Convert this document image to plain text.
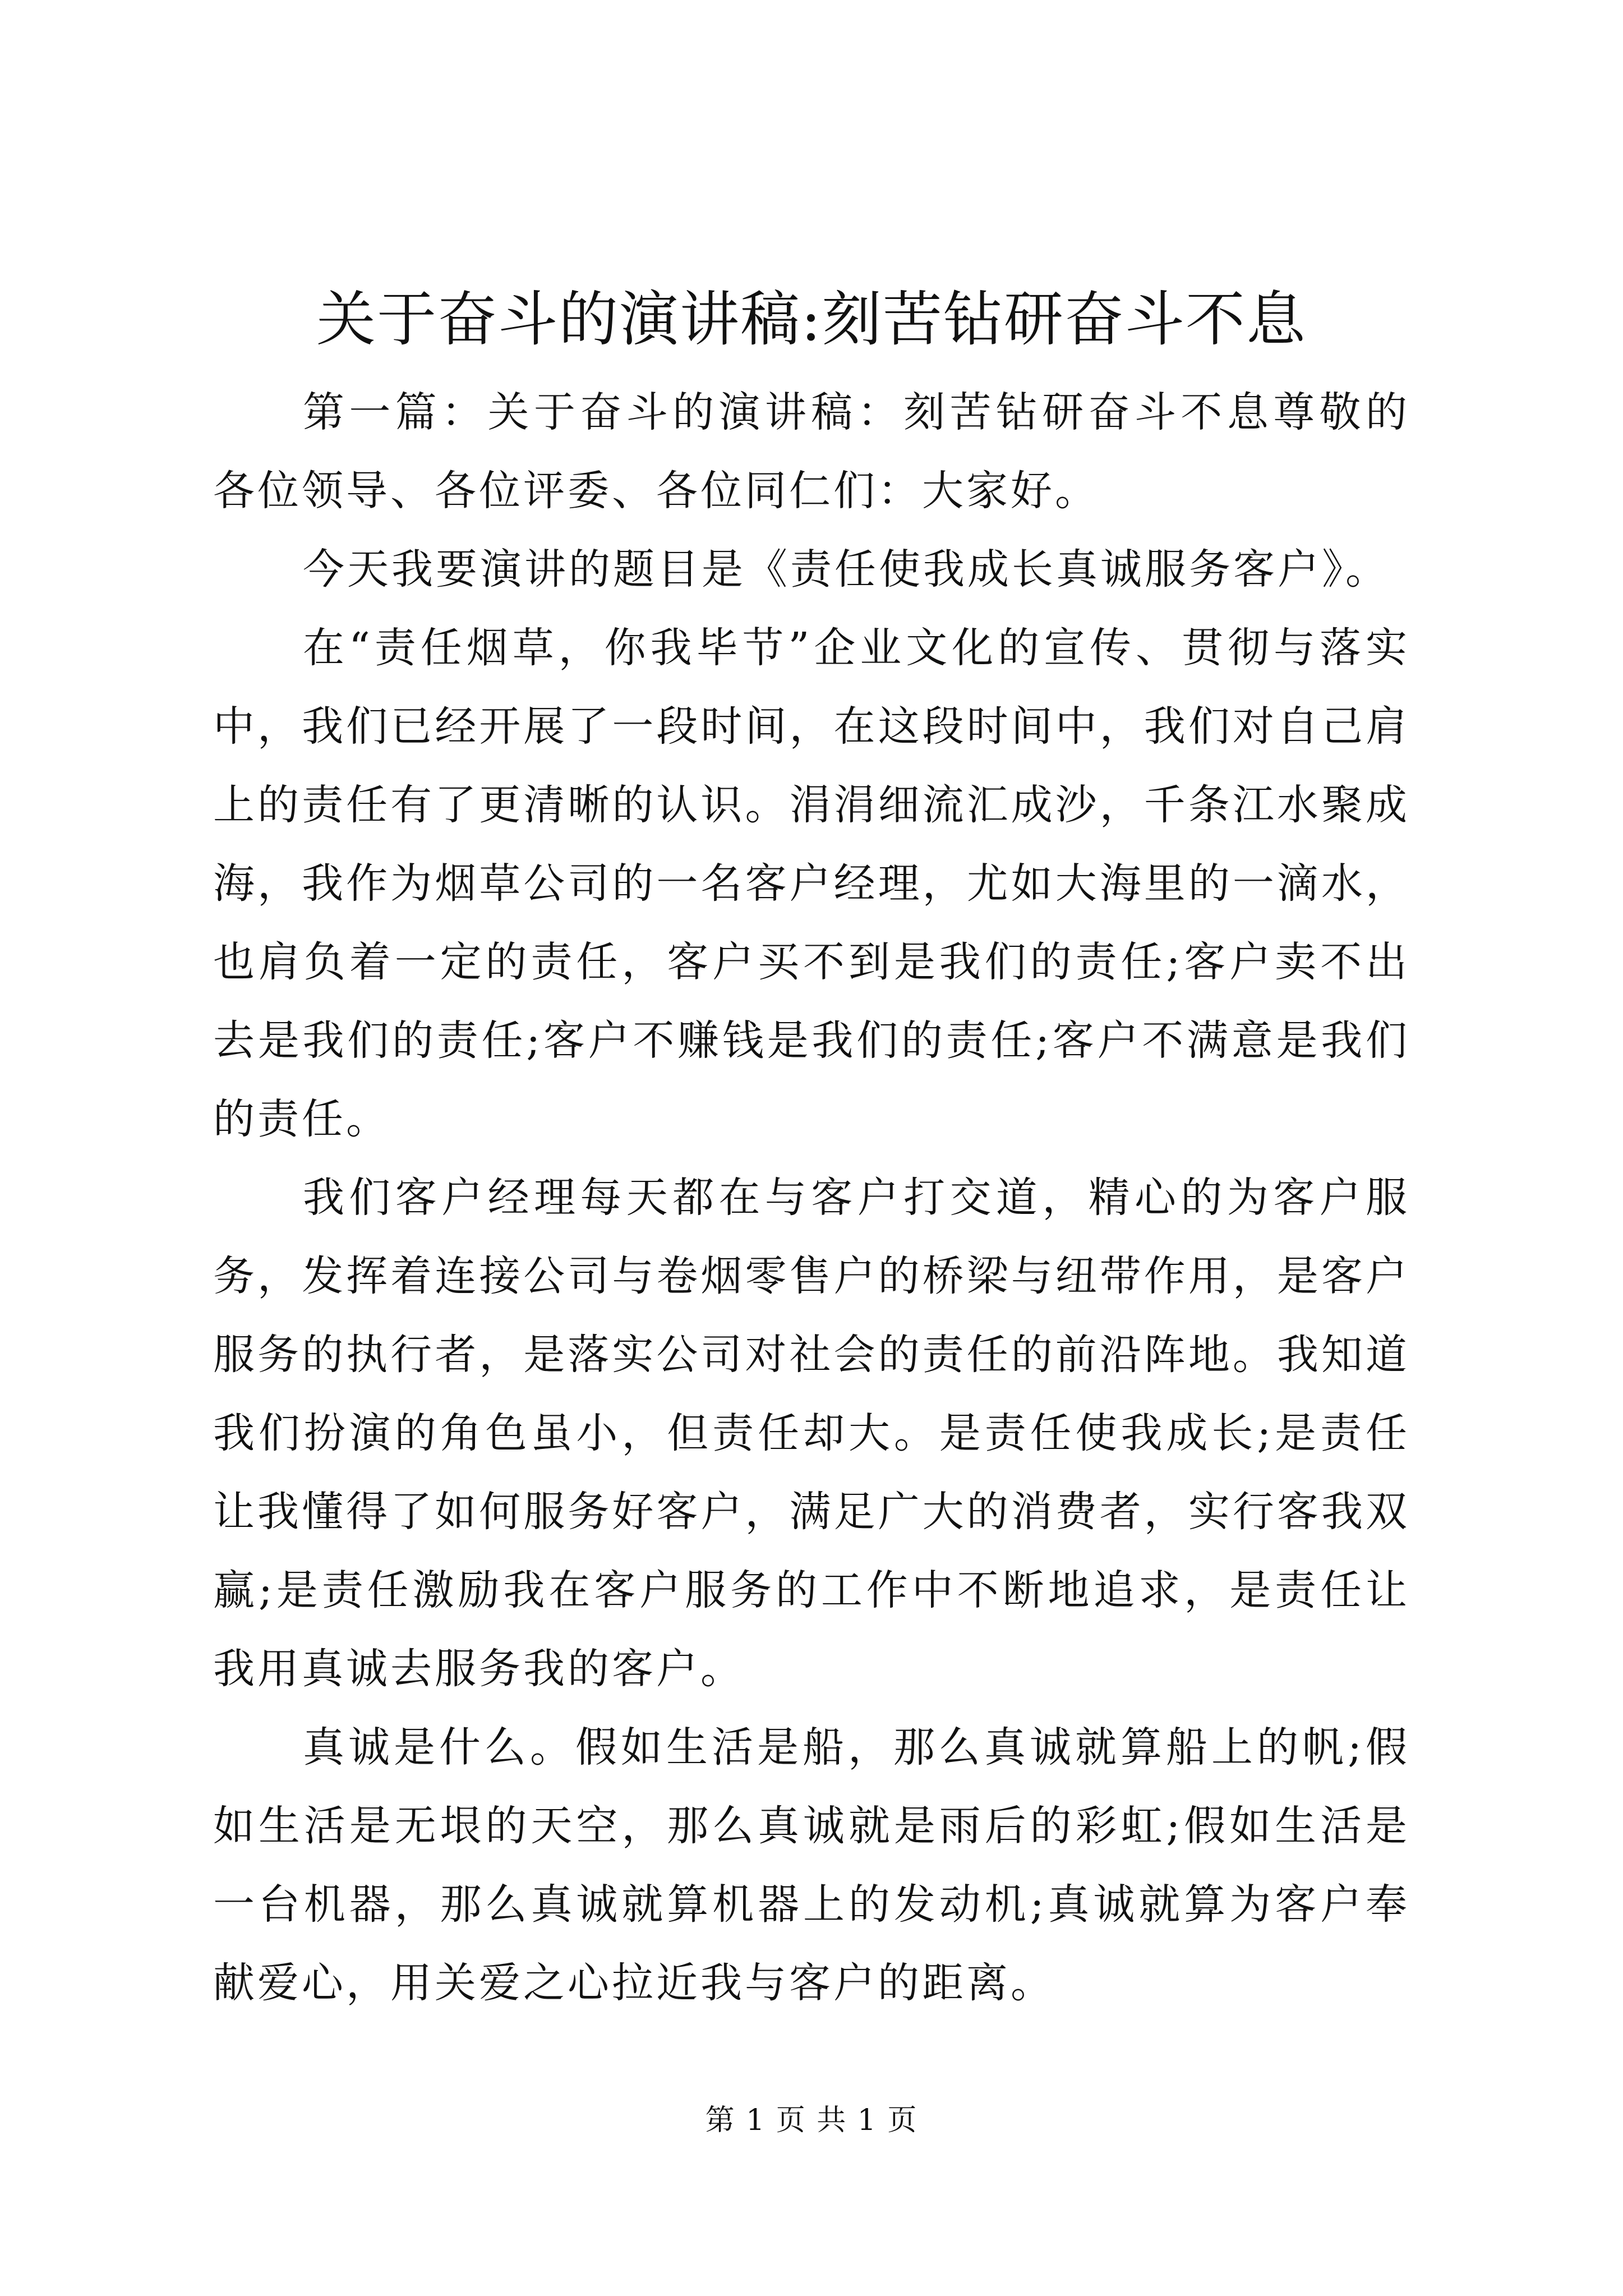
关于奋斗的演讲稿:刻苦钻研奋斗不息

第一篇：关于奋斗的演讲稿：刻苦钻研奋斗不息尊敬的各位领导、各位评委、各位同仁们：大家好。

今天我要演讲的题目是《责任使我成长真诚服务客户》。

在“责任烟草，你我毕节”企业文化的宣传、贯彻与落实中，我们已经开展了一段时间，在这段时间中，我们对自己肩上的责任有了更清晰的认识。涓涓细流汇成沙，千条江水聚成海，我作为烟草公司的一名客户经理，尤如大海里的一滴水，也肩负着一定的责任，客户买不到是我们的责任;客户卖不出去是我们的责任;客户不赚钱是我们的责任;客户不满意是我们的责任。

我们客户经理每天都在与客户打交道，精心的为客户服务，发挥着连接公司与卷烟零售户的桥梁与纽带作用，是客户服务的执行者，是落实公司对社会的责任的前沿阵地。我知道我们扮演的角色虽小，但责任却大。是责任使我成长;是责任让我懂得了如何服务好客户，满足广大的消费者，实行客我双赢;是责任激励我在客户服务的工作中不断地追求，是责任让我用真诚去服务我的客户。

真诚是什么。假如生活是船，那么真诚就算船上的帆;假如生活是无垠的天空，那么真诚就是雨后的彩虹;假如生活是一台机器，那么真诚就算机器上的发动机;真诚就算为客户奉献爱心，用关爱之心拉近我与客户的距离。

第 1 页 共 1 页
